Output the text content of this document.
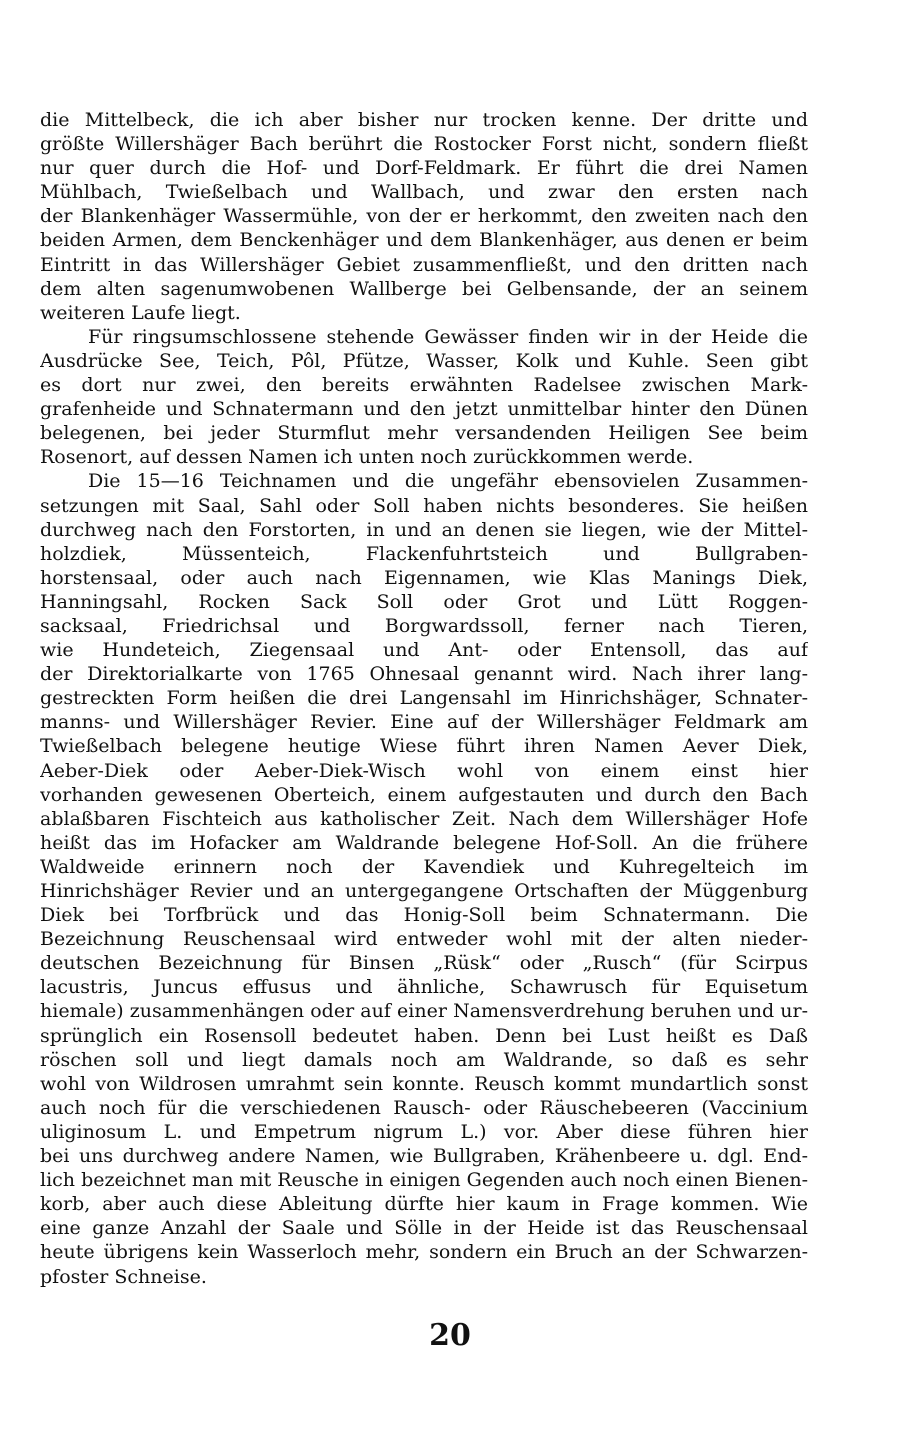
die Mittelbeck, die ich aber bisher nur trocken kenne. Der dritte und
größte Willershäger Bach berührt die Rostocker Forst nicht, sondern fließt
nur quer durch die Hof- und Dorf-Feldmark. Er führt die drei Namen
Mühlbach, Twießelbach und Wallbach, und zwar den ersten nach
der Blankenhäger Wassermühle, von der er herkommt, den zweiten nach den
beiden Armen, dem Benckenhäger und dem Blankenhäger, aus denen er beim
Eintritt in das Willershäger Gebiet zusammenfließt, und den dritten nach
dem alten sagenumwobenen Wallberge bei Gelbensande, der an seinem
weiteren Laufe liegt.
Für ringsumschlossene stehende Gewässer finden wir in der Heide die
Ausdrücke See, Teich, Pôl, Pfütze, Wasser, Kolk und Kuhle. Seen gibt
es dort nur zwei, den bereits erwähnten Radelsee zwischen Mark-
grafenheide und Schnatermann und den jetzt unmittelbar hinter den Dünen
belegenen, bei jeder Sturmflut mehr versandenden Heiligen See beim
Rosenort, auf dessen Namen ich unten noch zurückkommen werde.
Die 15—16 Teichnamen und die ungefähr ebensovielen Zusammen-
setzungen mit Saal, Sahl oder Soll haben nichts besonderes. Sie heißen
durchweg nach den Forstorten, in und an denen sie liegen, wie der Mittel-
holzdiek, Müssenteich, Flackenfuhrtsteich und Bullgraben-
horstensaal, oder auch nach Eigennamen, wie Klas Manings Diek,
Hanningsahl, Rocken Sack Soll oder Grot und Lütt Roggen-
sacksaal, Friedrichsal und Borgwardssoll, ferner nach Tieren,
wie Hundeteich, Ziegensaal und Ant- oder Entensoll, das auf
der Direktorialkarte von 1765 Ohnesaal genannt wird. Nach ihrer lang-
gestreckten Form heißen die drei Langensahl im Hinrichshäger, Schnater-
manns- und Willershäger Revier. Eine auf der Willershäger Feldmark am
Twießelbach belegene heutige Wiese führt ihren Namen Aever Diek,
Aeber-Diek oder Aeber-Diek-Wisch wohl von einem einst hier
vorhanden gewesenen Oberteich, einem aufgestauten und durch den Bach
ablaßbaren Fischteich aus katholischer Zeit. Nach dem Willershäger Hofe
heißt das im Hofacker am Waldrande belegene Hof-Soll. An die frühere
Waldweide erinnern noch der Kavendiek und Kuhregelteich im
Hinrichshäger Revier und an untergegangene Ortschaften der Müggenburg
Diek bei Torfbrück und das Honig-Soll beim Schnatermann. Die
Bezeichnung Reuschensaal wird entweder wohl mit der alten nieder-
deutschen Bezeichnung für Binsen „Rüsk“ oder „Rusch“ (für Scirpus
lacustris, Juncus effusus und ähnliche, Schawrusch für Equisetum
hiemale) zusammenhängen oder auf einer Namensverdrehung beruhen und ur-
sprünglich ein Rosensoll bedeutet haben. Denn bei Lust heißt es Daß
röschen soll und liegt damals noch am Waldrande, so daß es sehr
wohl von Wildrosen umrahmt sein konnte. Reusch kommt mundartlich sonst
auch noch für die verschiedenen Rausch- oder Räuschebeeren (Vaccinium
uliginosum L. und Empetrum nigrum L.) vor. Aber diese führen hier
bei uns durchweg andere Namen, wie Bullgraben, Krähenbeere u. dgl. End-
lich bezeichnet man mit Reusche in einigen Gegenden auch noch einen Bienen-
korb, aber auch diese Ableitung dürfte hier kaum in Frage kommen. Wie
eine ganze Anzahl der Saale und Sölle in der Heide ist das Reuschensaal
heute übrigens kein Wasserloch mehr, sondern ein Bruch an der Schwarzen-
pfoster Schneise.
20
